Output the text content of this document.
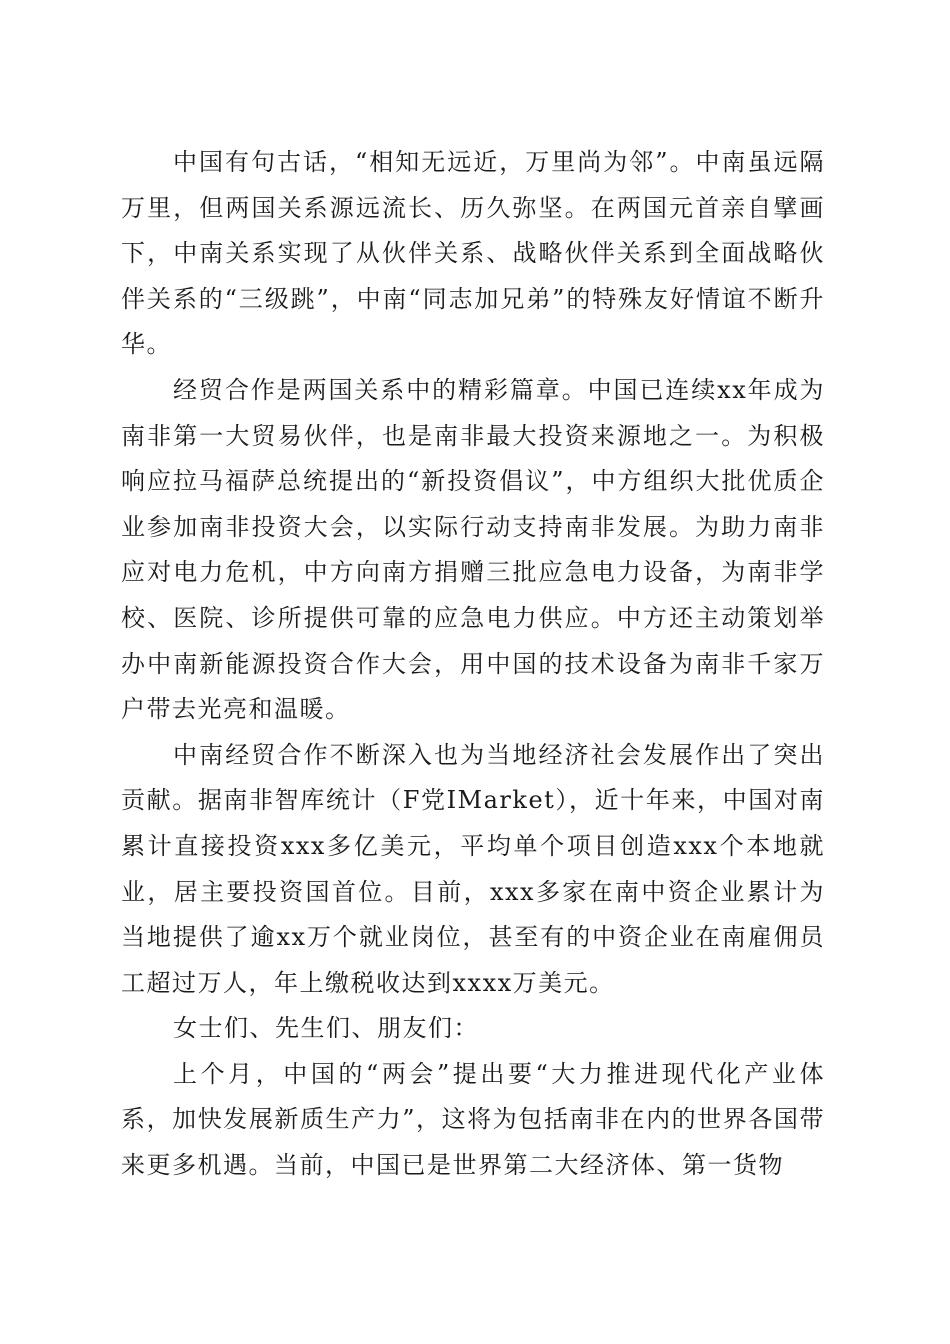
中国有句古话，“相知无远近，万里尚为邻”。中南虽远隔万里，但两国关系源远流长、历久弥坚。在两国元首亲自擘画下，中南关系实现了从伙伴关系、战略伙伴关系到全面战略伙伴关系的“三级跳”，中南“同志加兄弟”的特殊友好情谊不断升华。

经贸合作是两国关系中的精彩篇章。中国已连续xx年成为南非第一大贸易伙伴，也是南非最大投资来源地之一。为积极响应拉马福萨总统提出的“新投资倡议”，中方组织大批优质企业参加南非投资大会，以实际行动支持南非发展。为助力南非应对电力危机，中方向南方捐赠三批应急电力设备，为南非学校、医院、诊所提供可靠的应急电力供应。中方还主动策划举办中南新能源投资合作大会，用中国的技术设备为南非千家万户带去光亮和温暖。

中南经贸合作不断深入也为当地经济社会发展作出了突出贡献。据南非智库统计（F党IMarket），近十年来，中国对南累计直接投资xxx多亿美元，平均单个项目创造xxx个本地就业，居主要投资国首位。目前，xxx多家在南中资企业累计为当地提供了逾xx万个就业岗位，甚至有的中资企业在南雇佣员工超过万人，年上缴税收达到xxxx万美元。

女士们、先生们、朋友们：

上个月，中国的“两会”提出要“大力推进现代化产业体系，加快发展新质生产力”，这将为包括南非在内的世界各国带来更多机遇。当前，中国已是世界第二大经济体、第一货物
